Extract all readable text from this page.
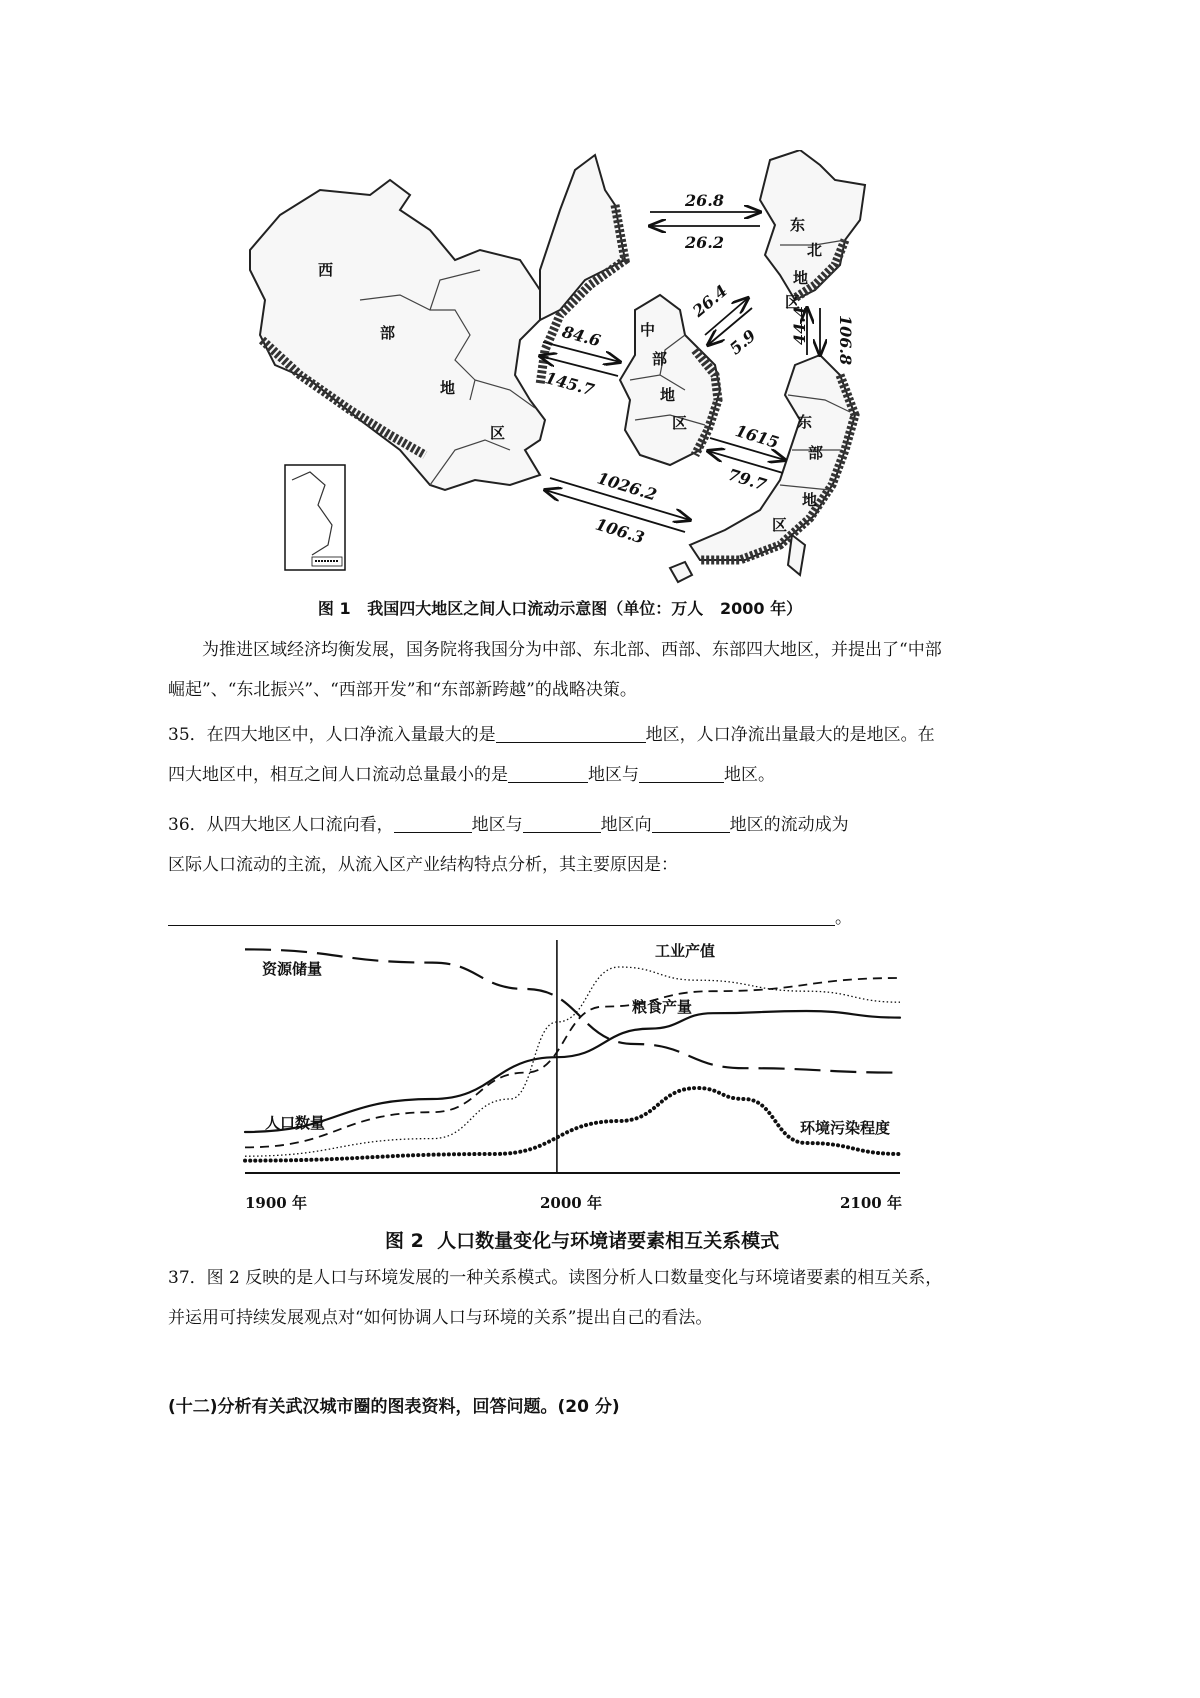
西
部
地
区
中
部
地
区
东
北
地
区
东
部
地
区
26.8
26.2
26.4
5.9
84.6
145.7
44.4 106.8
1615
79.7
1026.2
106.3
图 1   我国四大地区之间人口流动示意图（单位：万人   2000 年）
为推进区域经济均衡发展，国务院将我国分为中部、东北部、西部、东部四大地区，并提出了“中部崛起”、“东北振兴”、“西部开发”和“东部新跨越”的战略决策。
35．在四大地区中，人口净流入量最大的是	地区，人口净流出量最大的是地区。在四大地区中，相互之间人口流动总量最小的是	地区与	地区。
36．从四大地区人口流向看，	地区与	地区向	地区的流动成为
区际人口流动的主流，从流入区产业结构特点分析，其主要原因是：
。
1900 年	2000 年	2100 年
资源储量
工业产值
粮食产量
人口数量	环境污染程度
图 2  人口数量变化与环境诸要素相互关系模式
37．图 2 反映的是人口与环境发展的一种关系模式。读图分析人口数量变化与环境诸要素的相互关系，并运用可持续发展观点对“如何协调人口与环境的关系”提出自己的看法。
(十二)分析有关武汉城市圈的图表资料，回答问题。(20 分)
